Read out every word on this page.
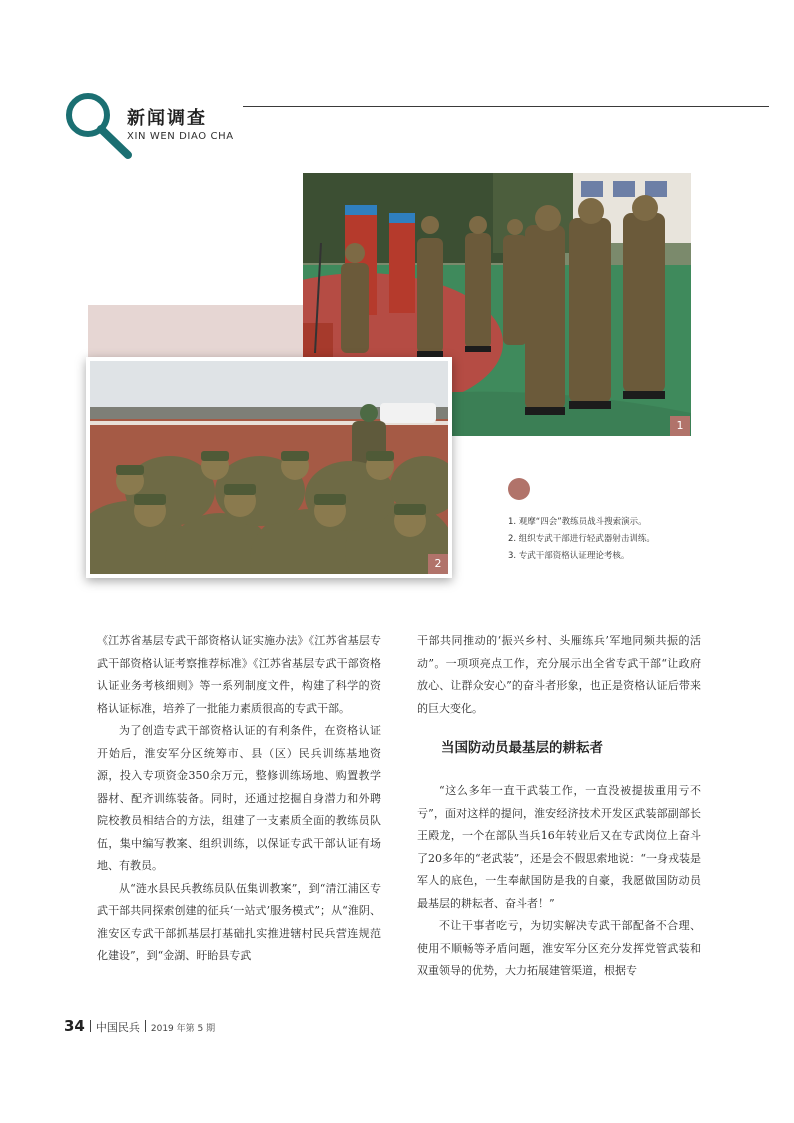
新闻调查
XIN WEN DIAO CHA
1
2
1. 观摩“四会”教练员战斗搜索演示。
2. 组织专武干部进行轻武器射击训练。
3. 专武干部资格认证理论考核。

《江苏省基层专武干部资格认证实施办法》《江苏省基层专武干部资格认证考察推荐标准》《江苏省基层专武干部资格认证业务考核细则》等一系列制度文件，构建了科学的资格认证标准，培养了一批能力素质很高的专武干部。

为了创造专武干部资格认证的有利条件，在资格认证开始后，淮安军分区统筹市、县（区）民兵训练基地资源，投入专项资金350余万元，整修训练场地、购置教学器材、配齐训练装备。同时，还通过挖掘自身潜力和外聘院校教员相结合的方法，组建了一支素质全面的教练员队伍，集中编写教案、组织训练，以保证专武干部认证有场地、有教员。

从“涟水县民兵教练员队伍集训教案”，到“清江浦区专武干部共同探索创建的征兵‘一站式’服务模式”；从“淮阴、淮安区专武干部抓基层打基础扎实推进辖村民兵营连规范化建设”，到“金湖、盱眙县专武

干部共同推动的‘振兴乡村、头雁练兵’军地同频共振的活动”。一项项亮点工作，充分展示出全省专武干部“让政府放心、让群众安心”的奋斗者形象，也正是资格认证后带来的巨大变化。

当国防动员最基层的耕耘者

“这么多年一直干武装工作，一直没被提拔重用亏不亏”，面对这样的提问，淮安经济技术开发区武装部副部长王殿龙，一个在部队当兵16年转业后又在专武岗位上奋斗了20多年的“老武装”，还是会不假思索地说：“一身戎装是军人的底色，一生奉献国防是我的自豪，我愿做国防动员最基层的耕耘者、奋斗者！”

不让干事者吃亏，为切实解决专武干部配备不合理、使用不顺畅等矛盾问题，淮安军分区充分发挥党管武装和双重领导的优势，大力拓展建管渠道，根据专

34 中国民兵 2019 年第 5 期
